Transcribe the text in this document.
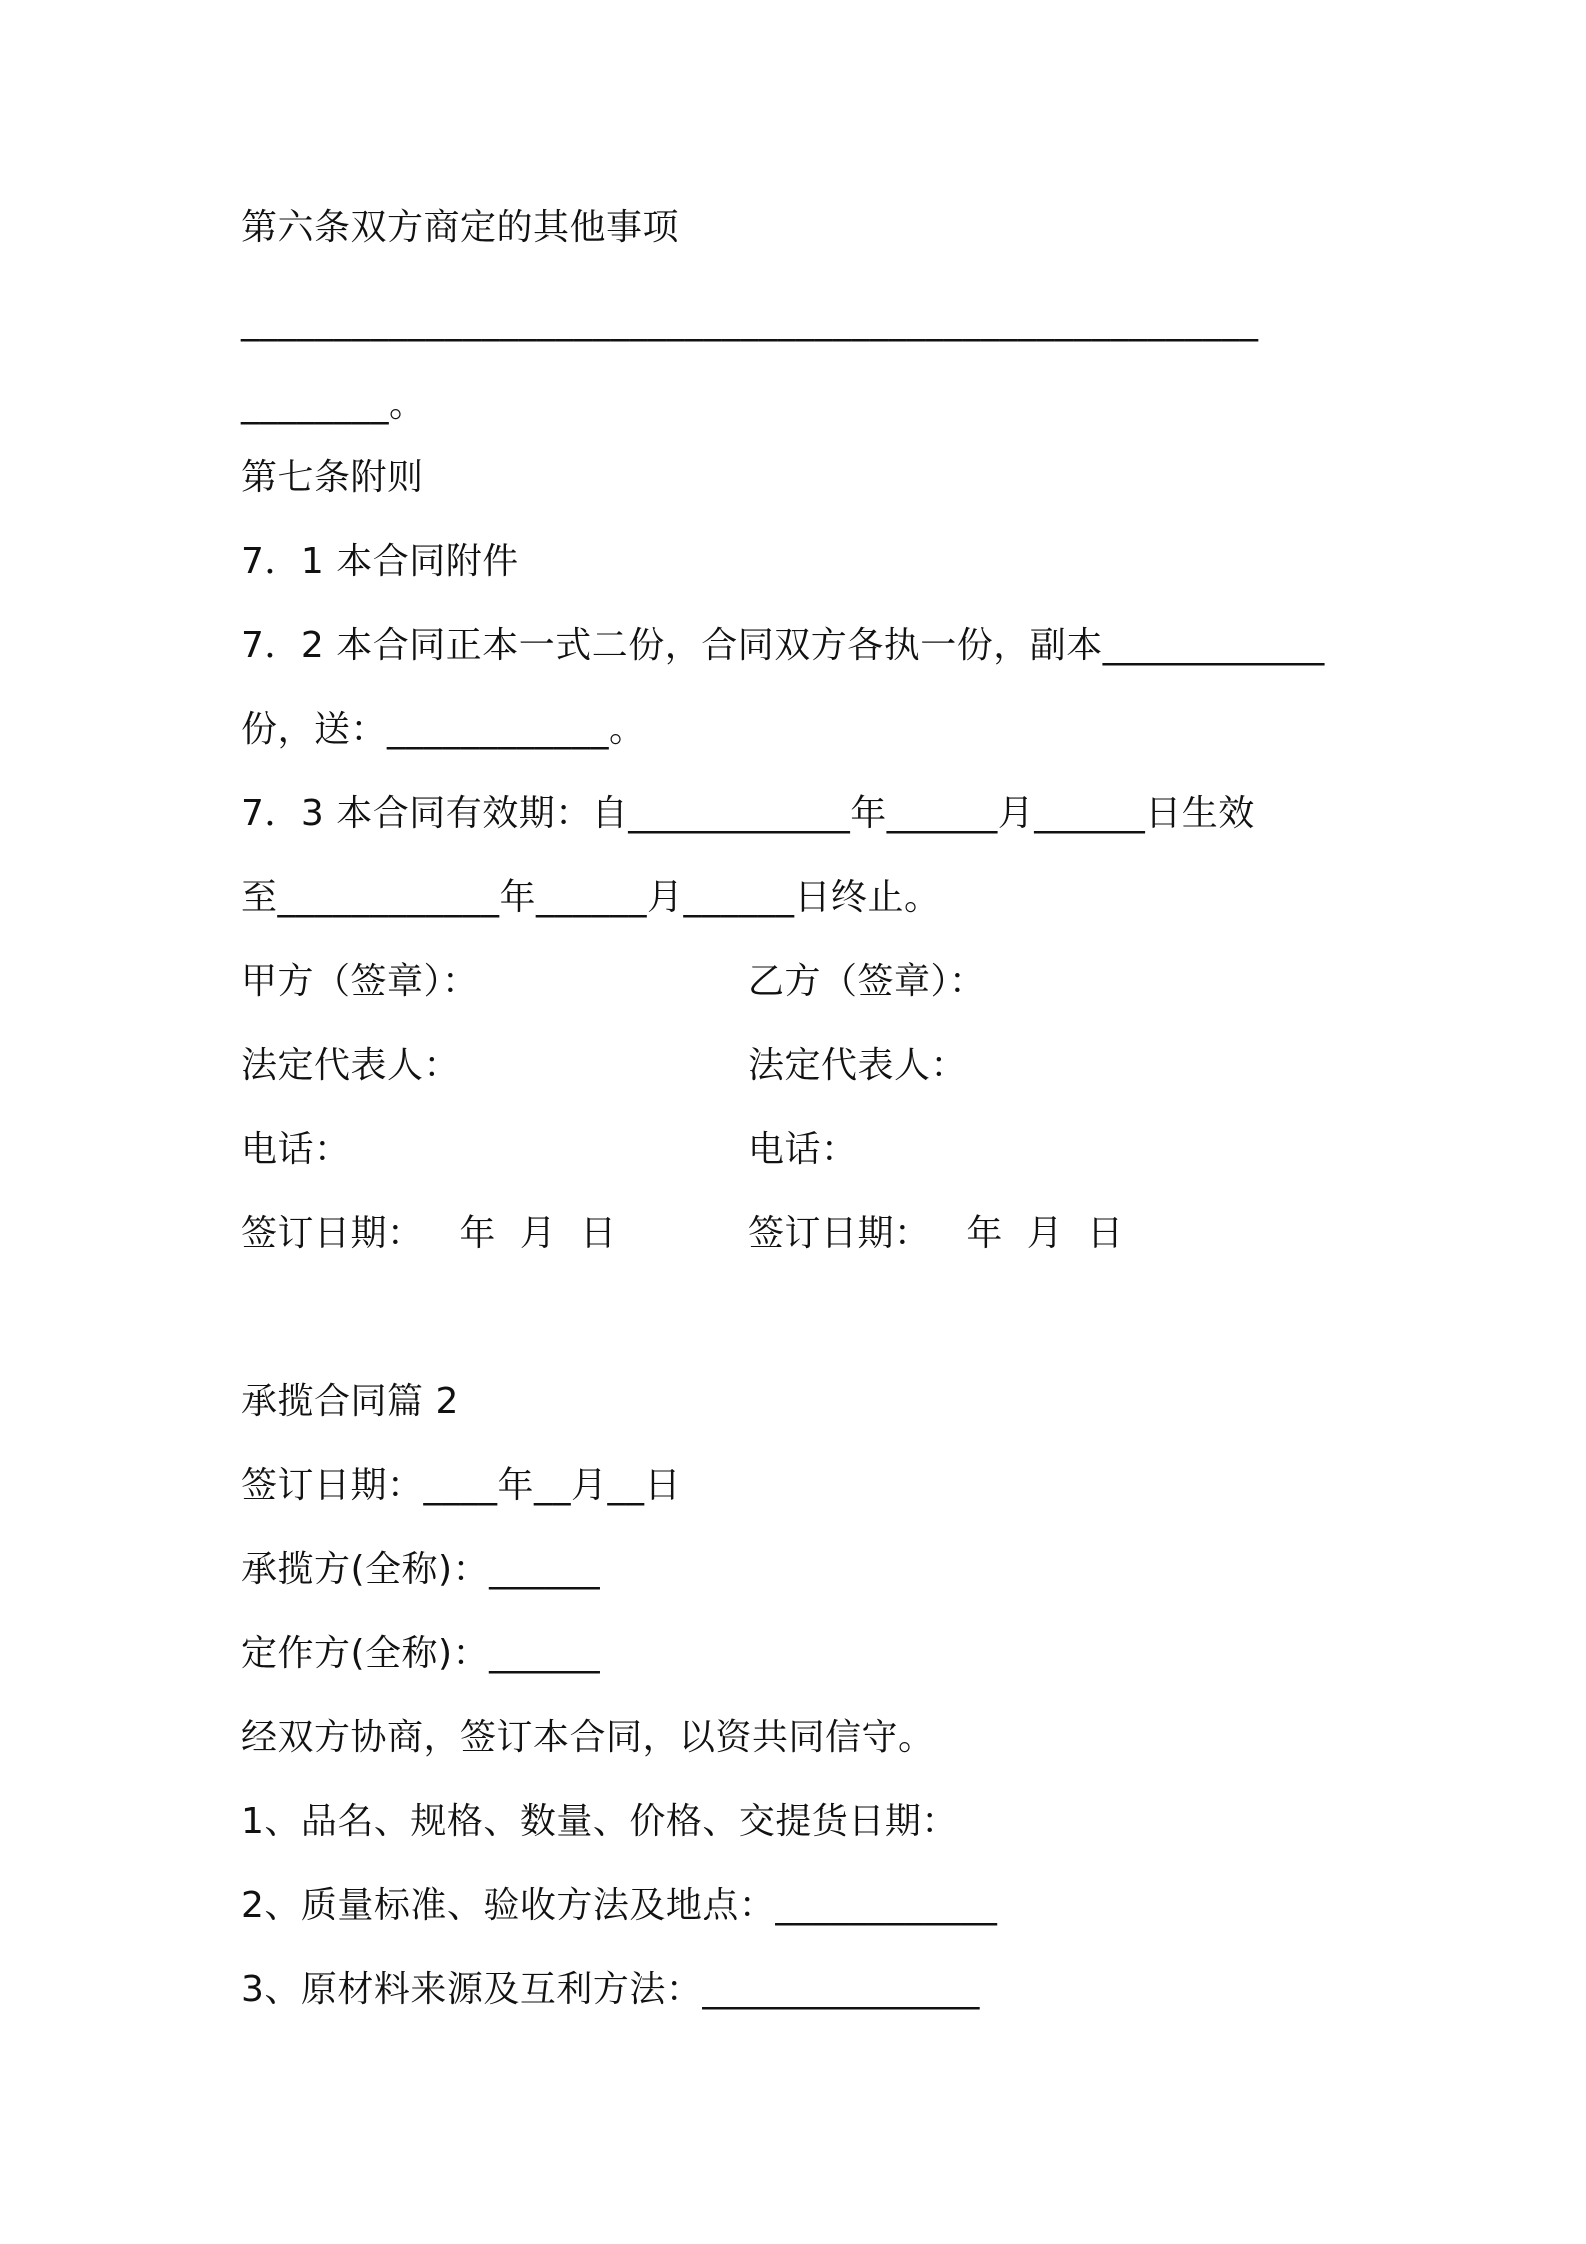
第六条双方商定的其他事项
_______________________________________________________
________。
第七条附则
7．1 本合同附件
7．2 本合同正本一式二份，合同双方各执一份，副本____________
份，送：____________。
7．3 本合同有效期：自____________年______月______日生效
至____________年______月______日终止。
甲方（签章）：	乙方（签章）：
法定代表人：	法定代表人：
电话：	电话：
签订日期：   年  月  日	签订日期：   年  月  日
承揽合同篇 2
签订日期：____年__月__日
承揽方(全称)：______
定作方(全称)：______
经双方协商，签订本合同，以资共同信守。
1、品名、规格、数量、价格、交提货日期：
2、质量标准、验收方法及地点：____________
3、原材料来源及互利方法：_______________
